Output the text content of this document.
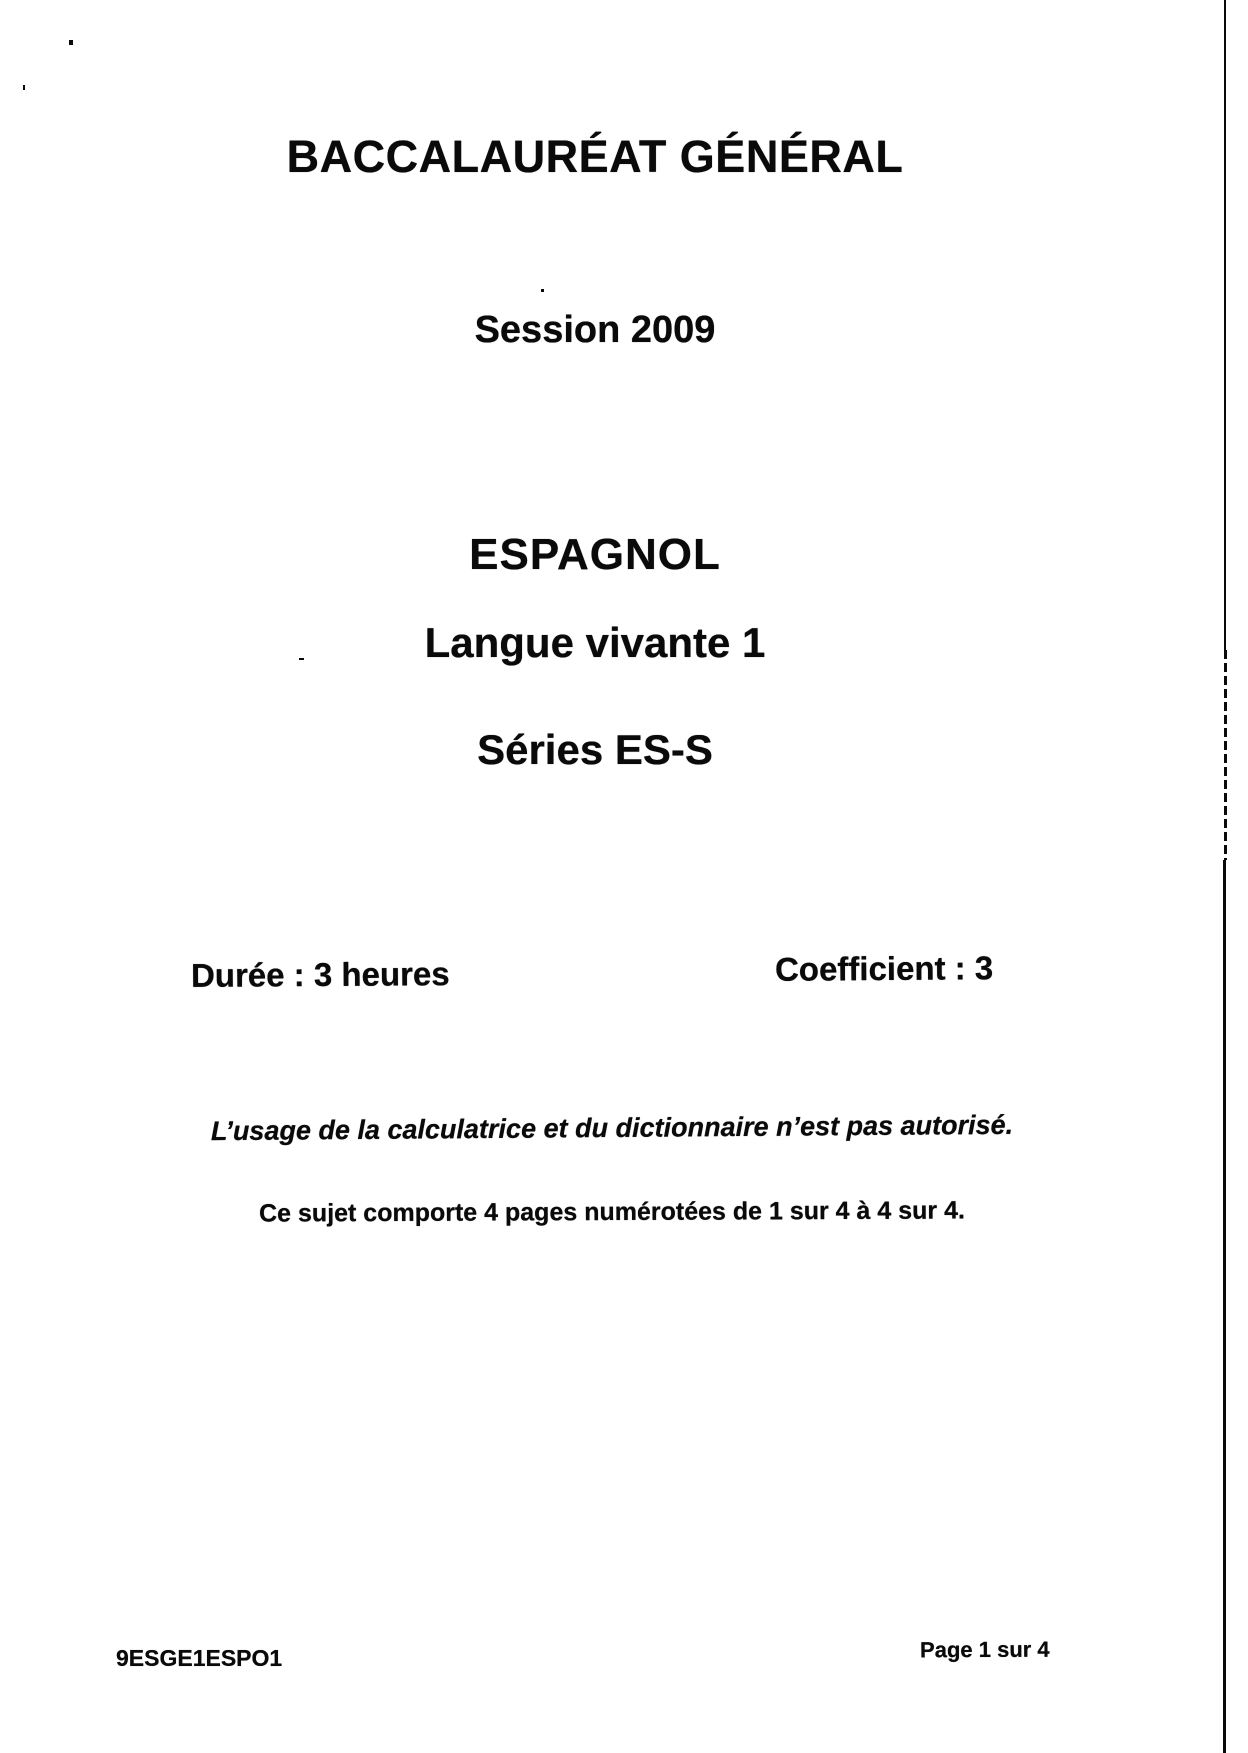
BACCALAURÉAT GÉNÉRAL
Session 2009
ESPAGNOL
Langue vivante 1
Séries ES-S
Durée : 3 heures	Coefficient : 3
L’usage de la calculatrice et du dictionnaire n’est pas autorisé.
Ce sujet comporte 4 pages numérotées de 1 sur 4 à 4 sur 4.
9ESGE1ESPO1	Page 1 sur 4
